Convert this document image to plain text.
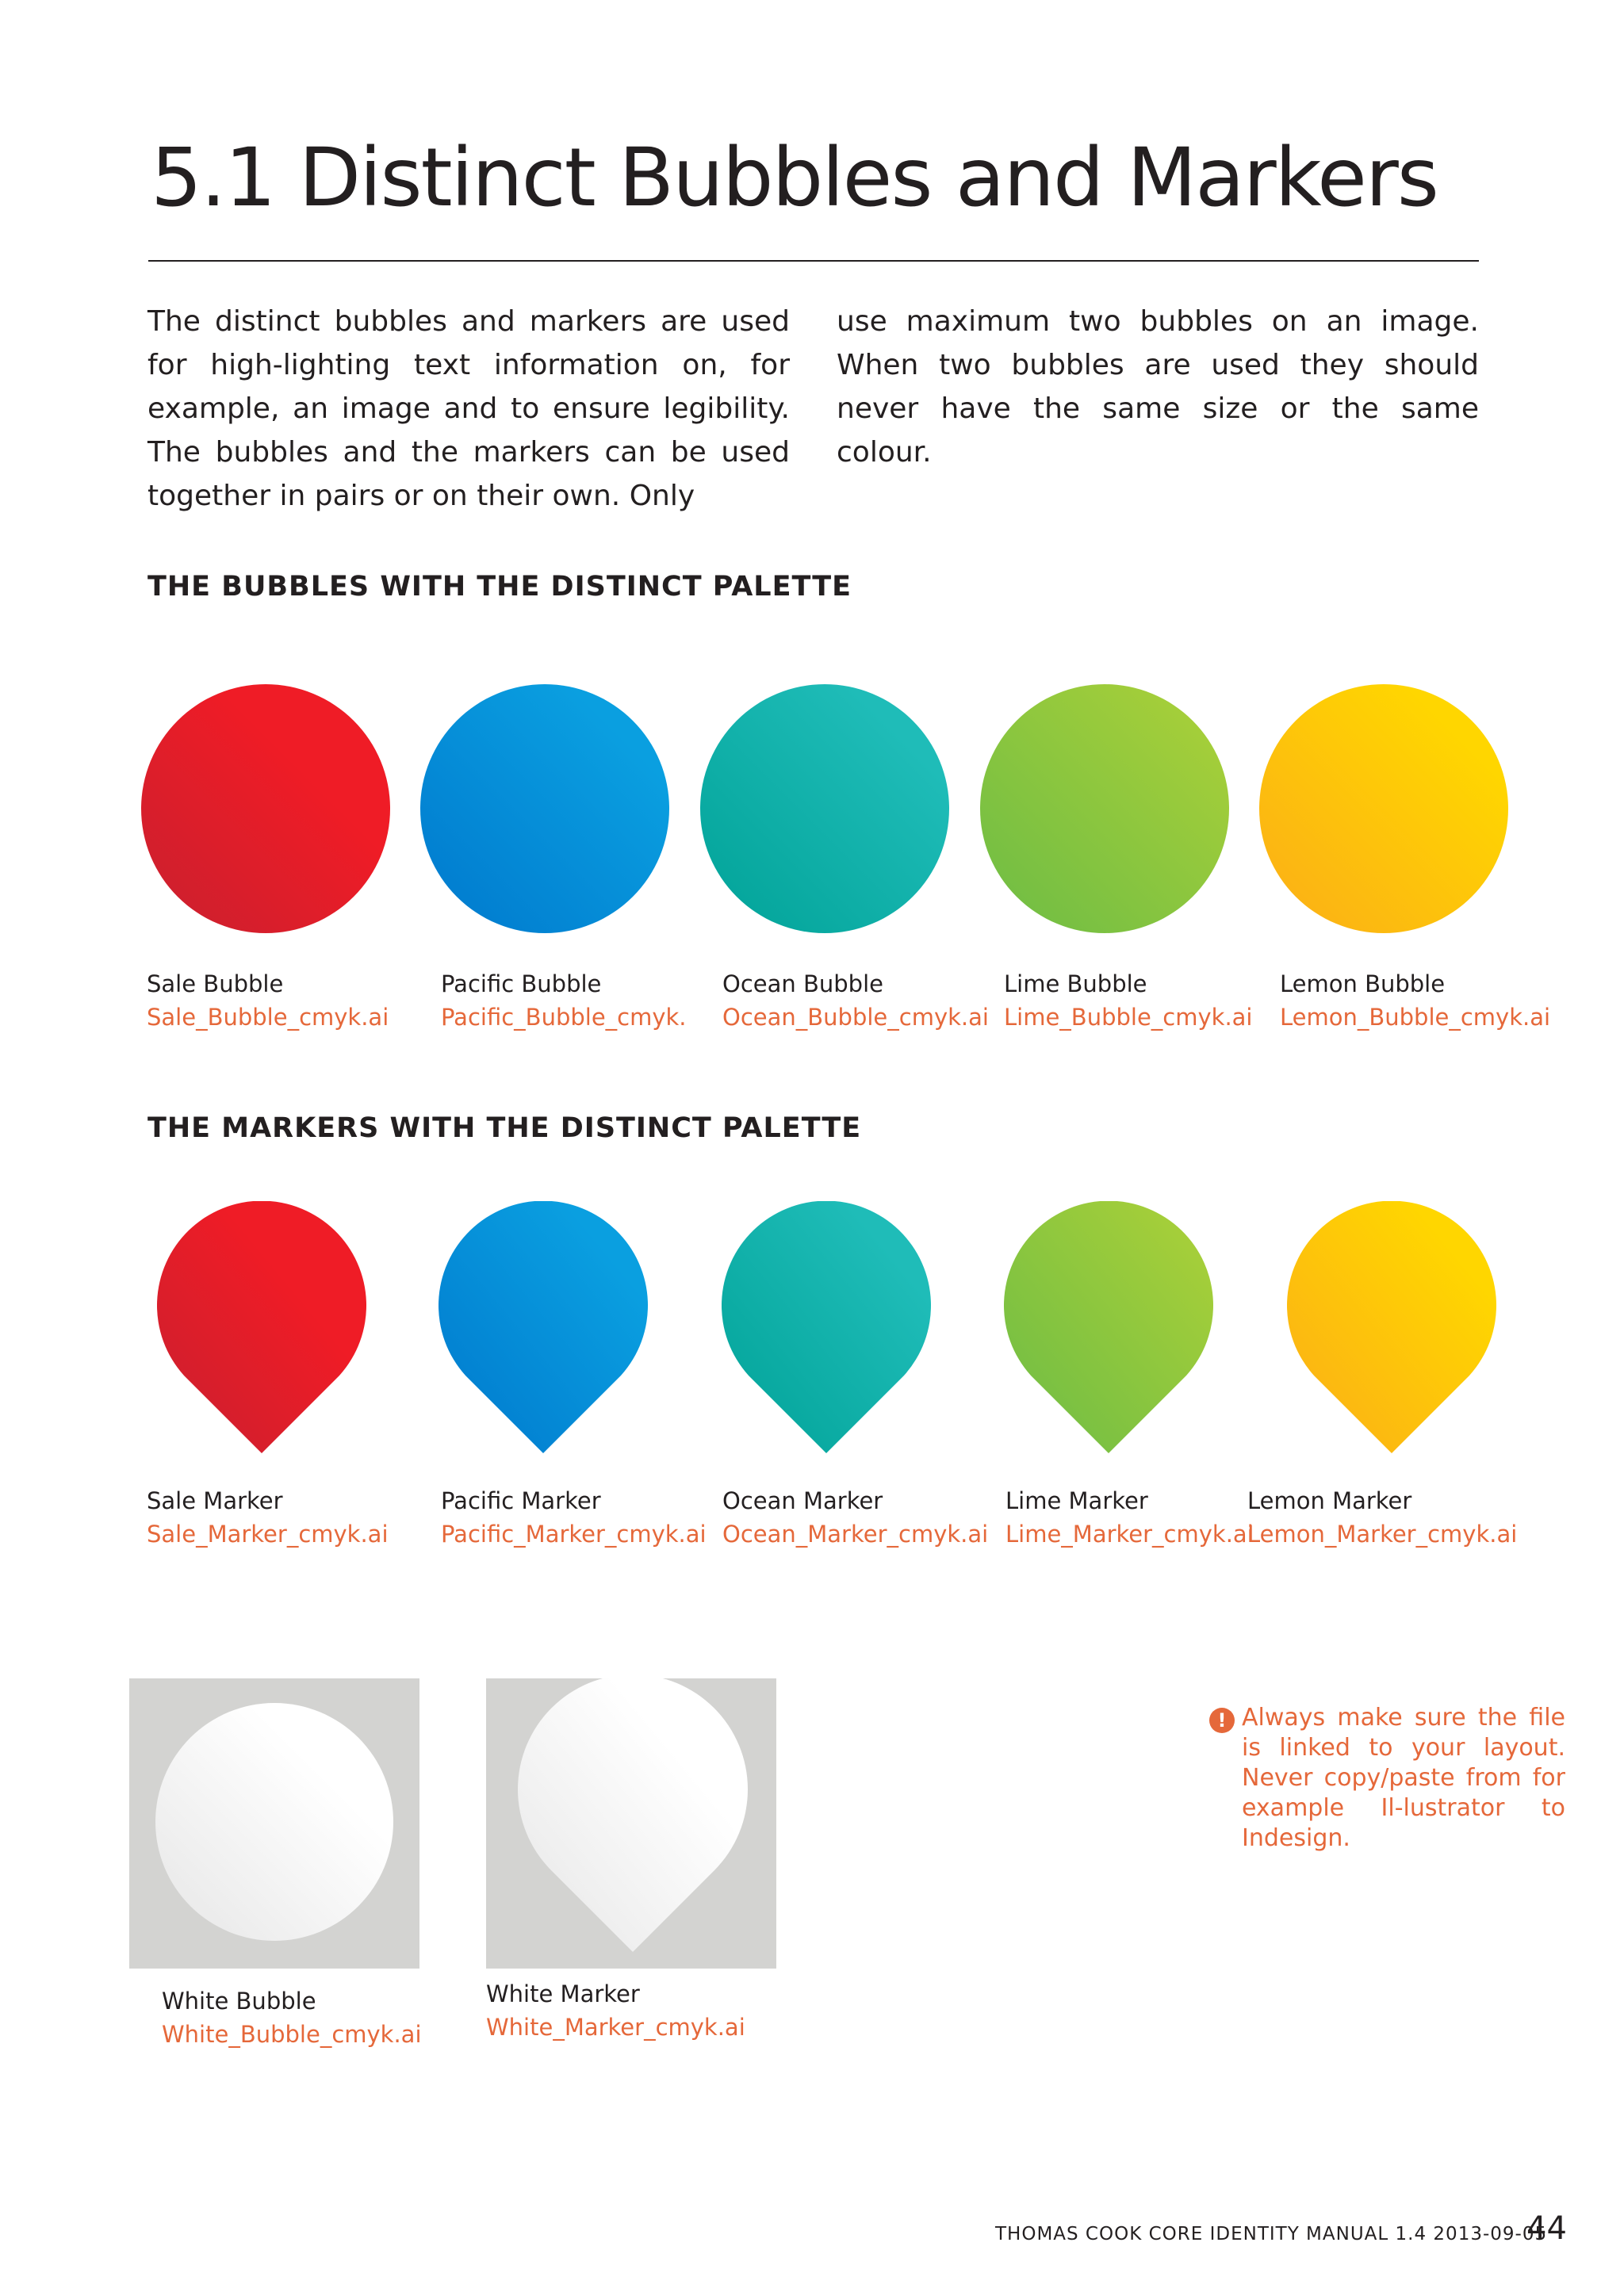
5.1 Distinct Bubbles and Markers

The distinct bubbles and markers are used for high-lighting text information on, for example, an image and to ensure legibility. The bubbles and the markers can be used together in pairs or on their own. Only

use maximum two bubbles on an image. When two bubbles are used they should never have the same size or the same colour.

THE BUBBLES WITH THE DISTINCT PALETTE
Sale Bubble
Sale_Bubble_cmyk.ai
Pacific Bubble
Pacific_Bubble_cmyk.
Ocean Bubble
Ocean_Bubble_cmyk.ai
Lime Bubble
Lime_Bubble_cmyk.ai
Lemon Bubble
Lemon_Bubble_cmyk.ai
THE MARKERS WITH THE DISTINCT PALETTE
Sale Marker
Sale_Marker_cmyk.ai
Pacific Marker
Pacific_Marker_cmyk.ai
Ocean Marker
Ocean_Marker_cmyk.ai
Lime Marker
Lime_Marker_cmyk.ai
Lemon Marker
Lemon_Marker_cmyk.ai
White Bubble
White_Bubble_cmyk.ai
White Marker
White_Marker_cmyk.ai
! Always make sure the file is linked to your layout. Never copy/paste from for example Il-lustrator to Indesign.

THOMAS COOK CORE IDENTITY MANUAL 1.4 2013-09-05
44
